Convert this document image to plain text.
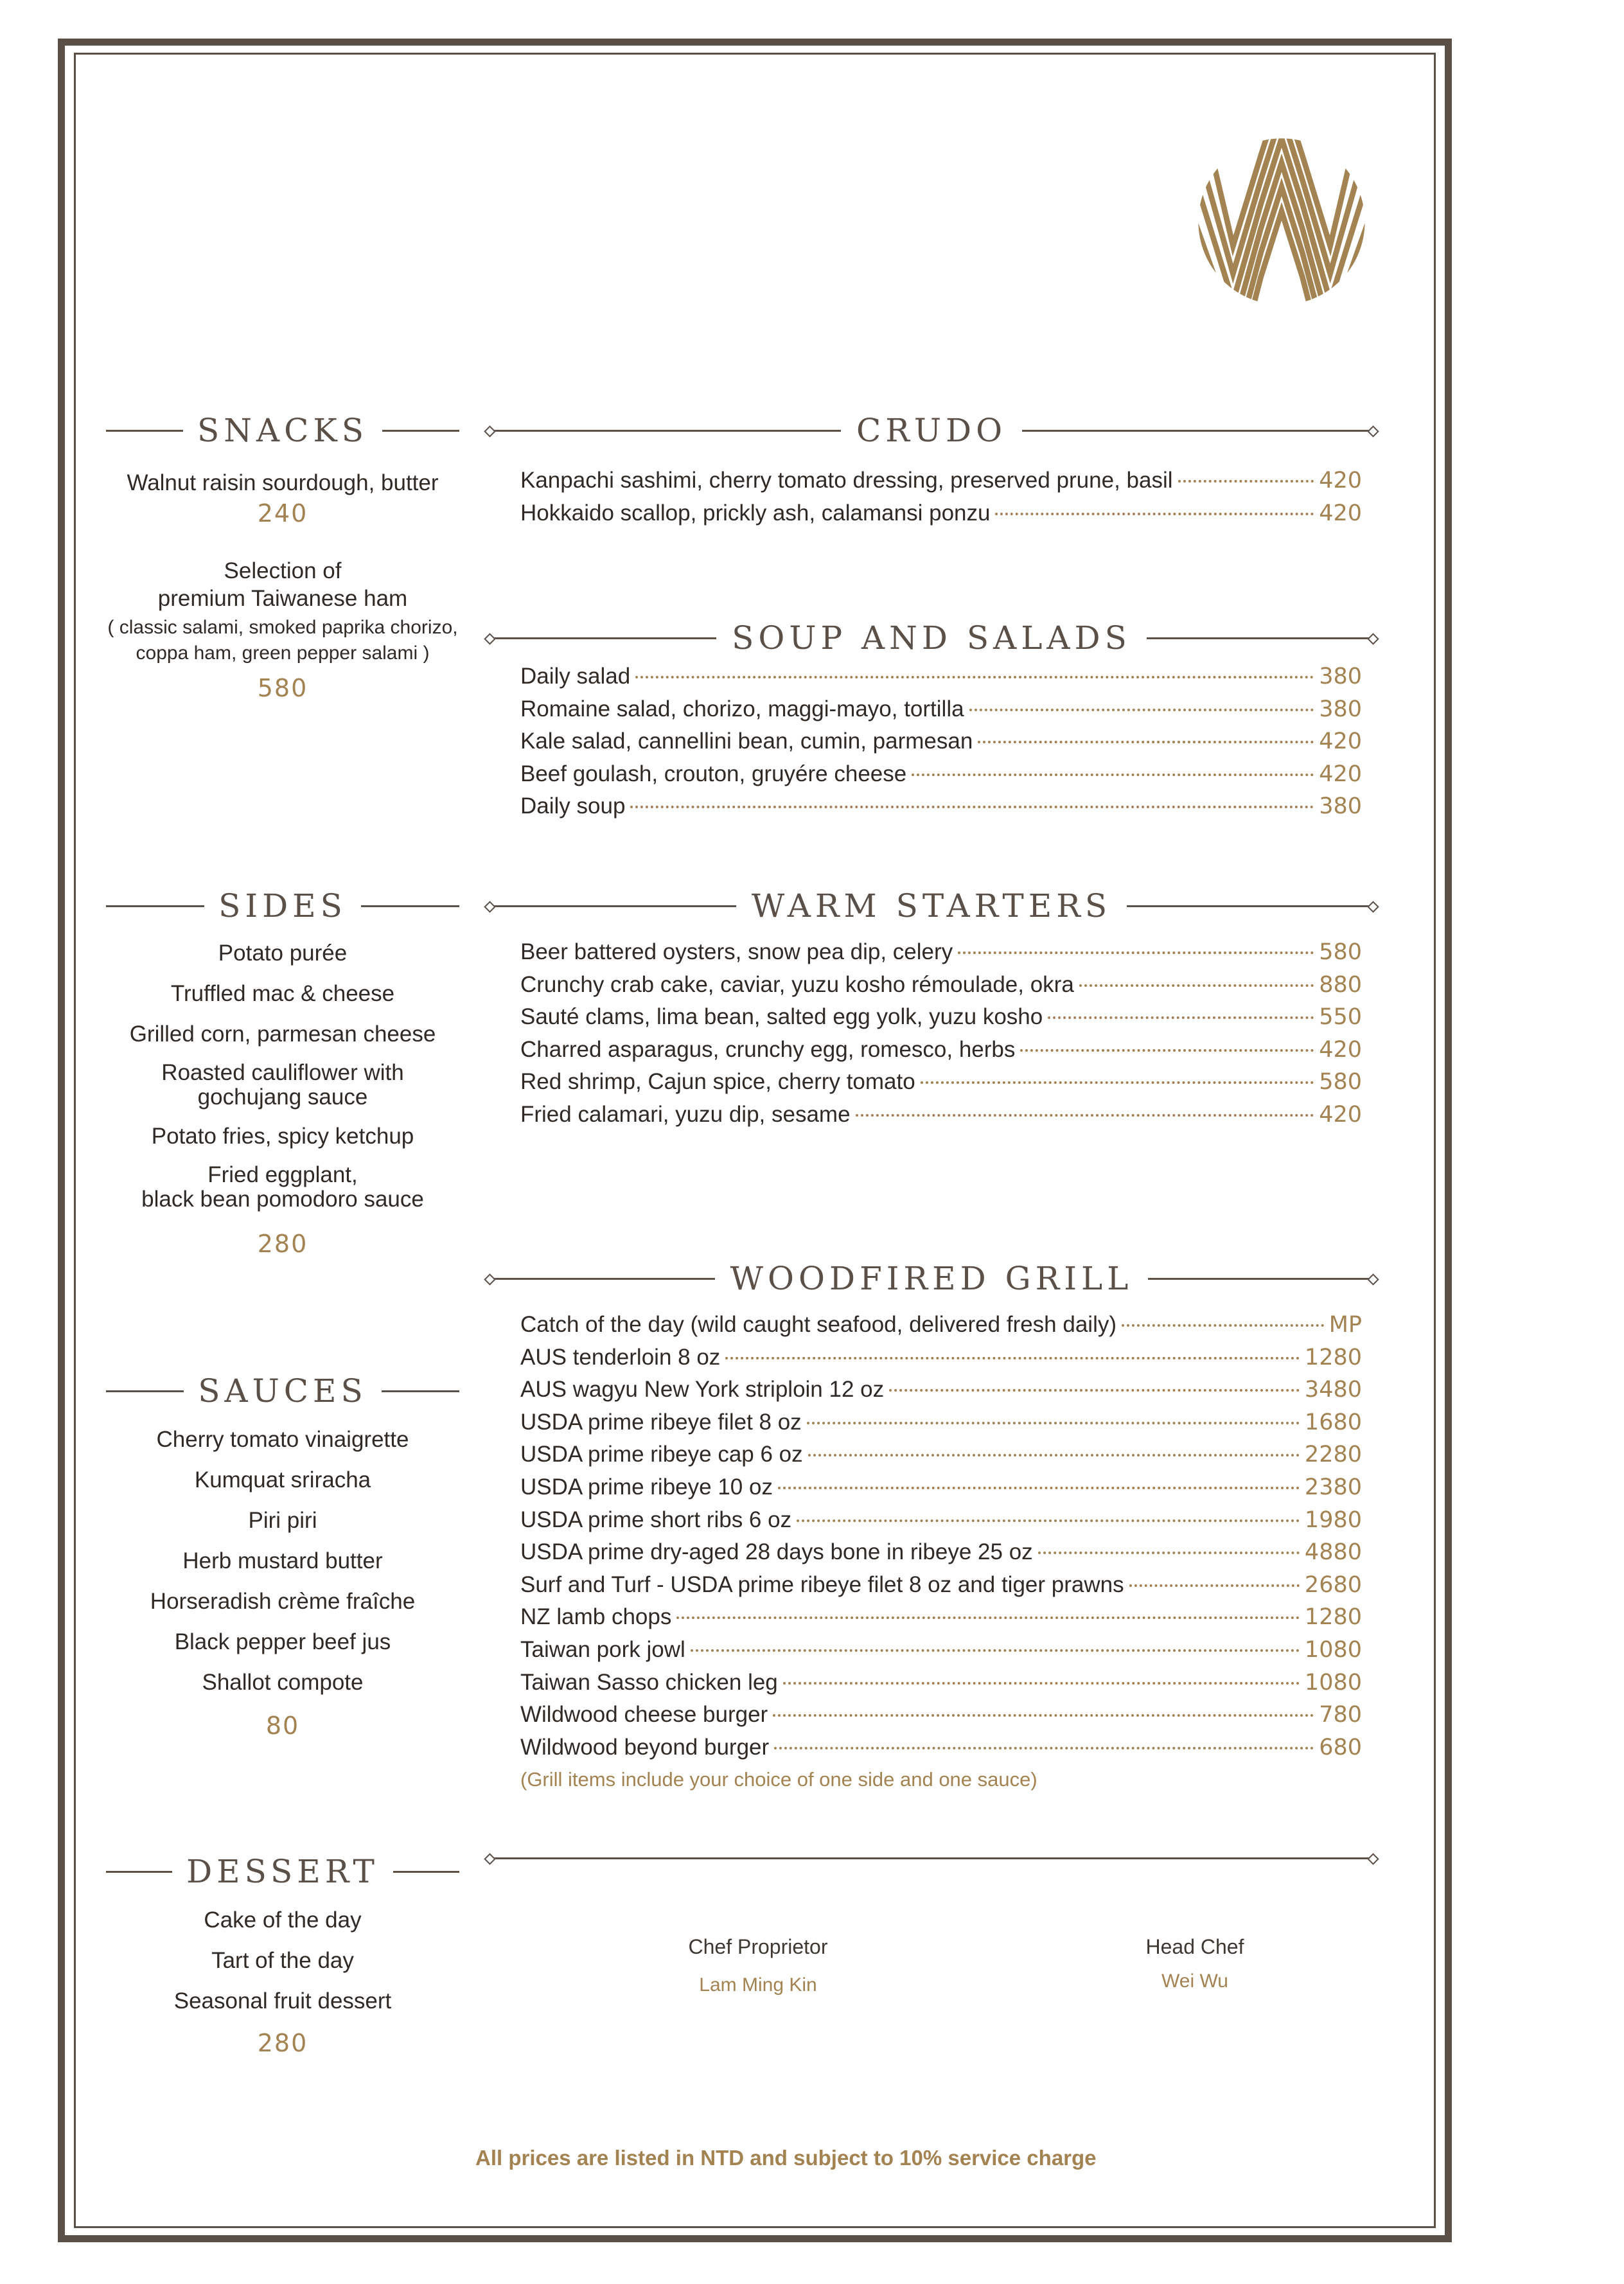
SNACKS
Walnut raisin sourdough, butter
240
Selection of
premium Taiwanese ham
( classic salami, smoked paprika chorizo,
coppa ham, green pepper salami )
580
SIDES
Potato purée
Truffled mac & cheese
Grilled corn, parmesan cheese
Roasted cauliflower with
gochujang sauce
Potato fries, spicy ketchup
Fried eggplant,
black bean pomodoro sauce
280
SAUCES
Cherry tomato vinaigrette
Kumquat sriracha
Piri piri
Herb mustard butter
Horseradish crème fraîche
Black pepper beef jus
Shallot compote
80
DESSERT
Cake of the day
Tart of the day
Seasonal fruit dessert
280
CRUDO
Kanpachi sashimi, cherry tomato dressing, preserved prune, basil	420
Hokkaido scallop, prickly ash, calamansi ponzu	420
SOUP AND SALADS
Daily salad	380
Romaine salad, chorizo, maggi-mayo, tortilla	380
Kale salad, cannellini bean, cumin, parmesan	420
Beef goulash, crouton, gruyére cheese	420
Daily soup	380
WARM STARTERS
Beer battered oysters, snow pea dip, celery	580
Crunchy crab cake, caviar, yuzu kosho rémoulade, okra	880
Sauté clams, lima bean, salted egg yolk, yuzu kosho	550
Charred asparagus, crunchy egg, romesco, herbs	420
Red shrimp, Cajun spice, cherry tomato	580
Fried calamari, yuzu dip, sesame	420
WOODFIRED GRILL
Catch of the day (wild caught seafood, delivered fresh daily)	MP
AUS tenderloin 8 oz	1280
AUS wagyu New York striploin 12 oz	3480
USDA prime ribeye filet 8 oz	1680
USDA prime ribeye cap 6 oz	2280
USDA prime ribeye 10 oz	2380
USDA prime short ribs 6 oz	1980
USDA prime dry-aged 28 days bone in ribeye 25 oz	4880
Surf and Turf - USDA prime ribeye filet 8 oz and tiger prawns	2680
NZ lamb chops	1280
Taiwan pork jowl	1080
Taiwan Sasso chicken leg	1080
Wildwood cheese burger	780
Wildwood beyond burger	680
(Grill items include your choice of one side and one sauce)
Chef Proprietor
Lam Ming Kin
Head Chef
Wei Wu
All prices are listed in NTD and subject to 10% service charge
